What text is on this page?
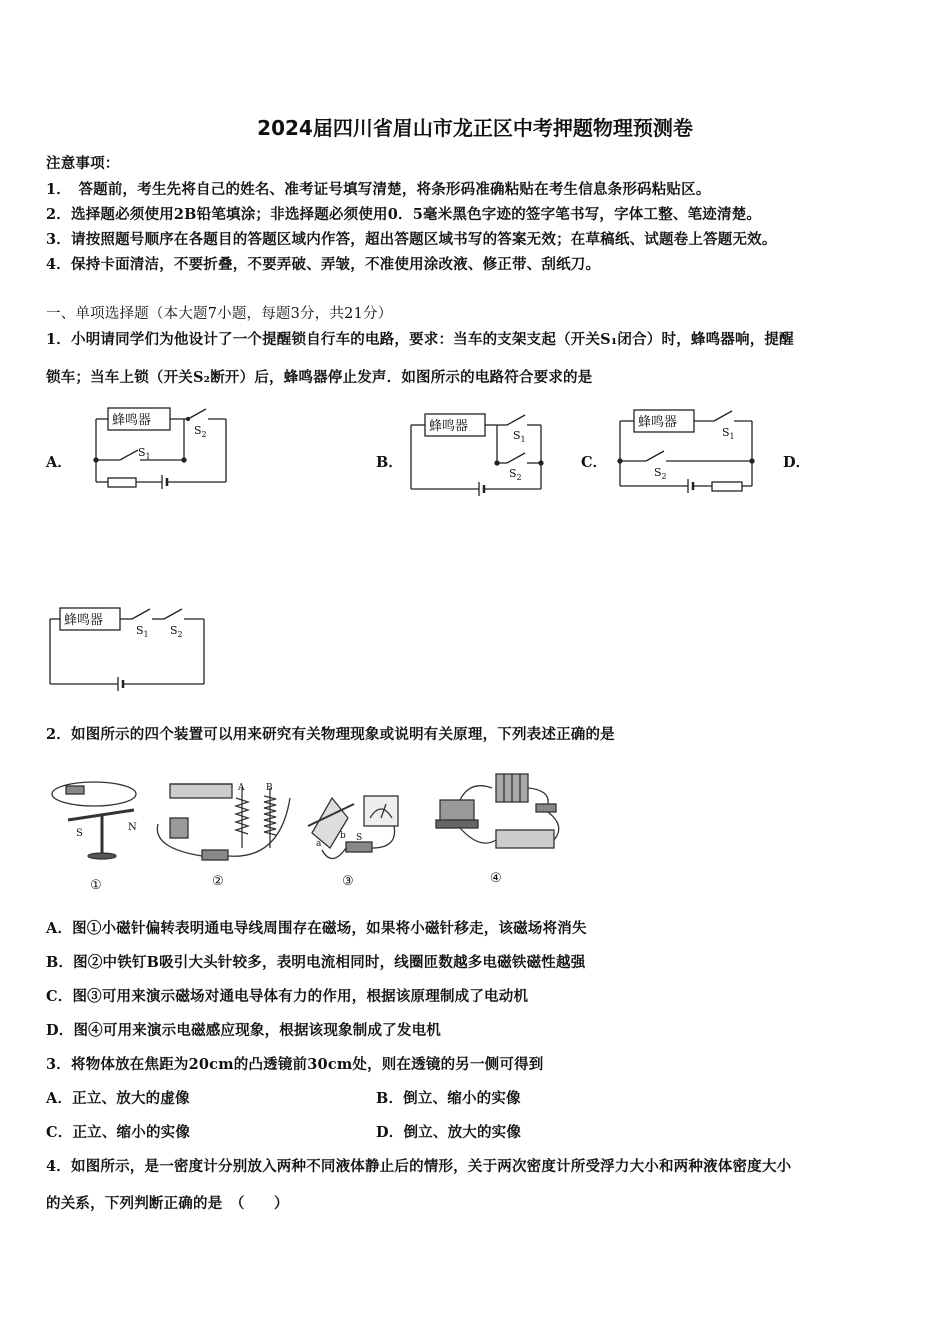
2024届四川省眉山市龙正区中考押题物理预测卷
注意事项：
1．　答题前，考生先将自己的姓名、准考证号填写清楚，将条形码准确粘贴在考生信息条形码粘贴区。
2．选择题必须使用2B铅笔填涂；非选择题必须使用0．5毫米黑色字迹的签字笔书写，字体工整、笔迹清楚。
3．请按照题号顺序在各题目的答题区域内作答，超出答题区域书写的答案无效；在草稿纸、试题卷上答题无效。
4．保持卡面清洁，不要折叠，不要弄破、弄皱，不准使用涂改液、修正带、刮纸刀。
一、单项选择题（本大题7小题，每题3分，共21分）
1．小明请同学们为他设计了一个提醒锁自行车的电路，要求：当车的支架支起（开关S₁闭合）时，蜂鸣器响，提醒
锁车；当车上锁（开关S₂断开）后，蜂鸣器停止发声．如图所示的电路符合要求的是
A．	B．	C．	D．
蜂鸣器
$S_2$
$S_1$
蜂鸣器
$S_1$
$S_2$
蜂鸣器
$S_1$
$S_2$
蜂鸣器
$S_1$ $S_2$
2．如图所示的四个装置可以用来研究有关物理现象或说明有关原理，下列表述正确的是
S
N
①
A B
②
a
b S
③	④
A．图①小磁针偏转表明通电导线周围存在磁场，如果将小磁针移走，该磁场将消失
B．图②中铁钉B吸引大头针较多，表明电流相同时，线圈匝数越多电磁铁磁性越强
C．图③可用来演示磁场对通电导体有力的作用，根据该原理制成了电动机
D．图④可用来演示电磁感应现象，根据该现象制成了发电机
3．将物体放在焦距为20cm的凸透镜前30cm处，则在透镜的另一侧可得到
A．正立、放大的虚像	B．倒立、缩小的实像
C．正立、缩小的实像	D．倒立、放大的实像
4．如图所示，是一密度计分别放入两种不同液体静止后的情形，关于两次密度计所受浮力大小和两种液体密度大小
的关系，下列判断正确的是　（　　）
